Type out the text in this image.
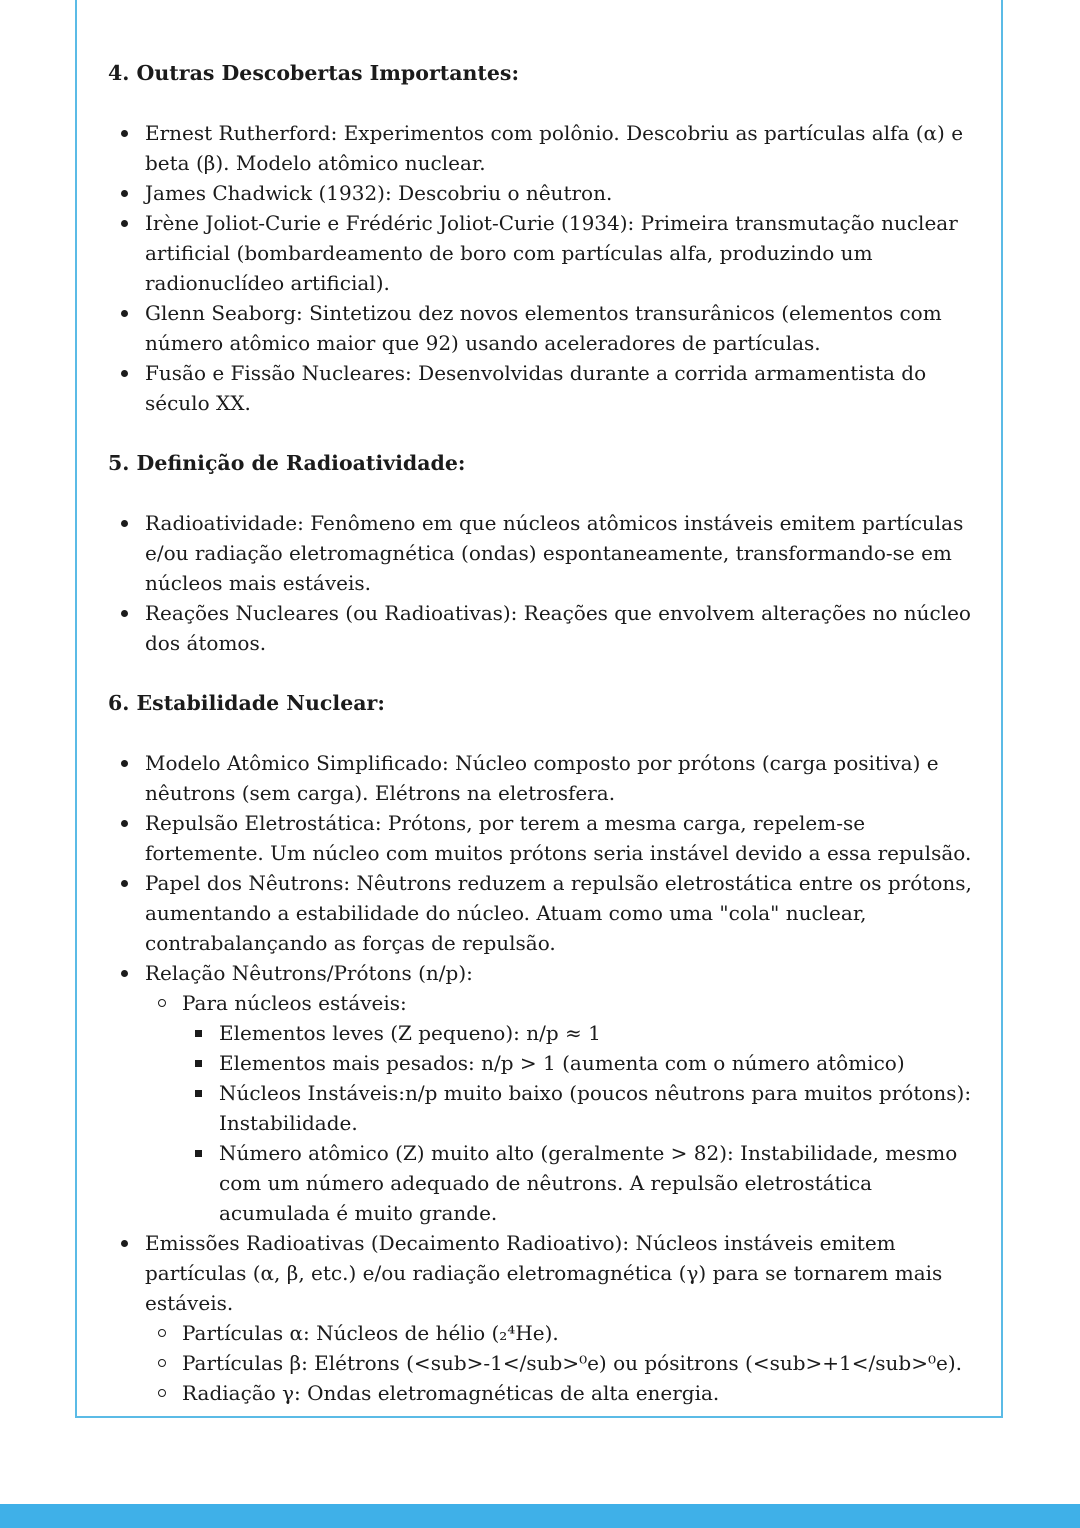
4. Outras Descobertas Importantes:
Ernest Rutherford: Experimentos com polônio. Descobriu as partículas alfa (α) e beta (β). Modelo atômico nuclear.
James Chadwick (1932): Descobriu o nêutron.
Irène Joliot-Curie e Frédéric Joliot-Curie (1934): Primeira transmutação nuclear artificial (bombardeamento de boro com partículas alfa, produzindo um radionuclídeo artificial).
Glenn Seaborg: Sintetizou dez novos elementos transurânicos (elementos com número atômico maior que 92) usando aceleradores de partículas.
Fusão e Fissão Nucleares: Desenvolvidas durante a corrida armamentista do século XX.
5. Definição de Radioatividade:
Radioatividade: Fenômeno em que núcleos atômicos instáveis emitem partículas e/ou radiação eletromagnética (ondas) espontaneamente, transformando-se em núcleos mais estáveis.
Reações Nucleares (ou Radioativas): Reações que envolvem alterações no núcleo dos átomos.
6. Estabilidade Nuclear:
Modelo Atômico Simplificado: Núcleo composto por prótons (carga positiva) e nêutrons (sem carga). Elétrons na eletrosfera.
Repulsão Eletrostática: Prótons, por terem a mesma carga, repelem-se fortemente. Um núcleo com muitos prótons seria instável devido a essa repulsão.
Papel dos Nêutrons: Nêutrons reduzem a repulsão eletrostática entre os prótons, aumentando a estabilidade do núcleo. Atuam como uma "cola" nuclear, contrabalançando as forças de repulsão.
Relação Nêutrons/Prótons (n/p):
Para núcleos estáveis:
Elementos leves (Z pequeno): n/p ≈ 1
Elementos mais pesados: n/p > 1 (aumenta com o número atômico)
Núcleos Instáveis:n/p muito baixo (poucos nêutrons para muitos prótons): Instabilidade.
Número atômico (Z) muito alto (geralmente > 82): Instabilidade, mesmo com um número adequado de nêutrons. A repulsão eletrostática acumulada é muito grande.
Emissões Radioativas (Decaimento Radioativo): Núcleos instáveis emitem partículas (α, β, etc.) e/ou radiação eletromagnética (γ) para se tornarem mais estáveis.
Partículas α: Núcleos de hélio (₂⁴He).
Partículas β: Elétrons (<sub>-1</sub>⁰e) ou pósitrons (<sub>+1</sub>⁰e).
Radiação γ: Ondas eletromagnéticas de alta energia.
